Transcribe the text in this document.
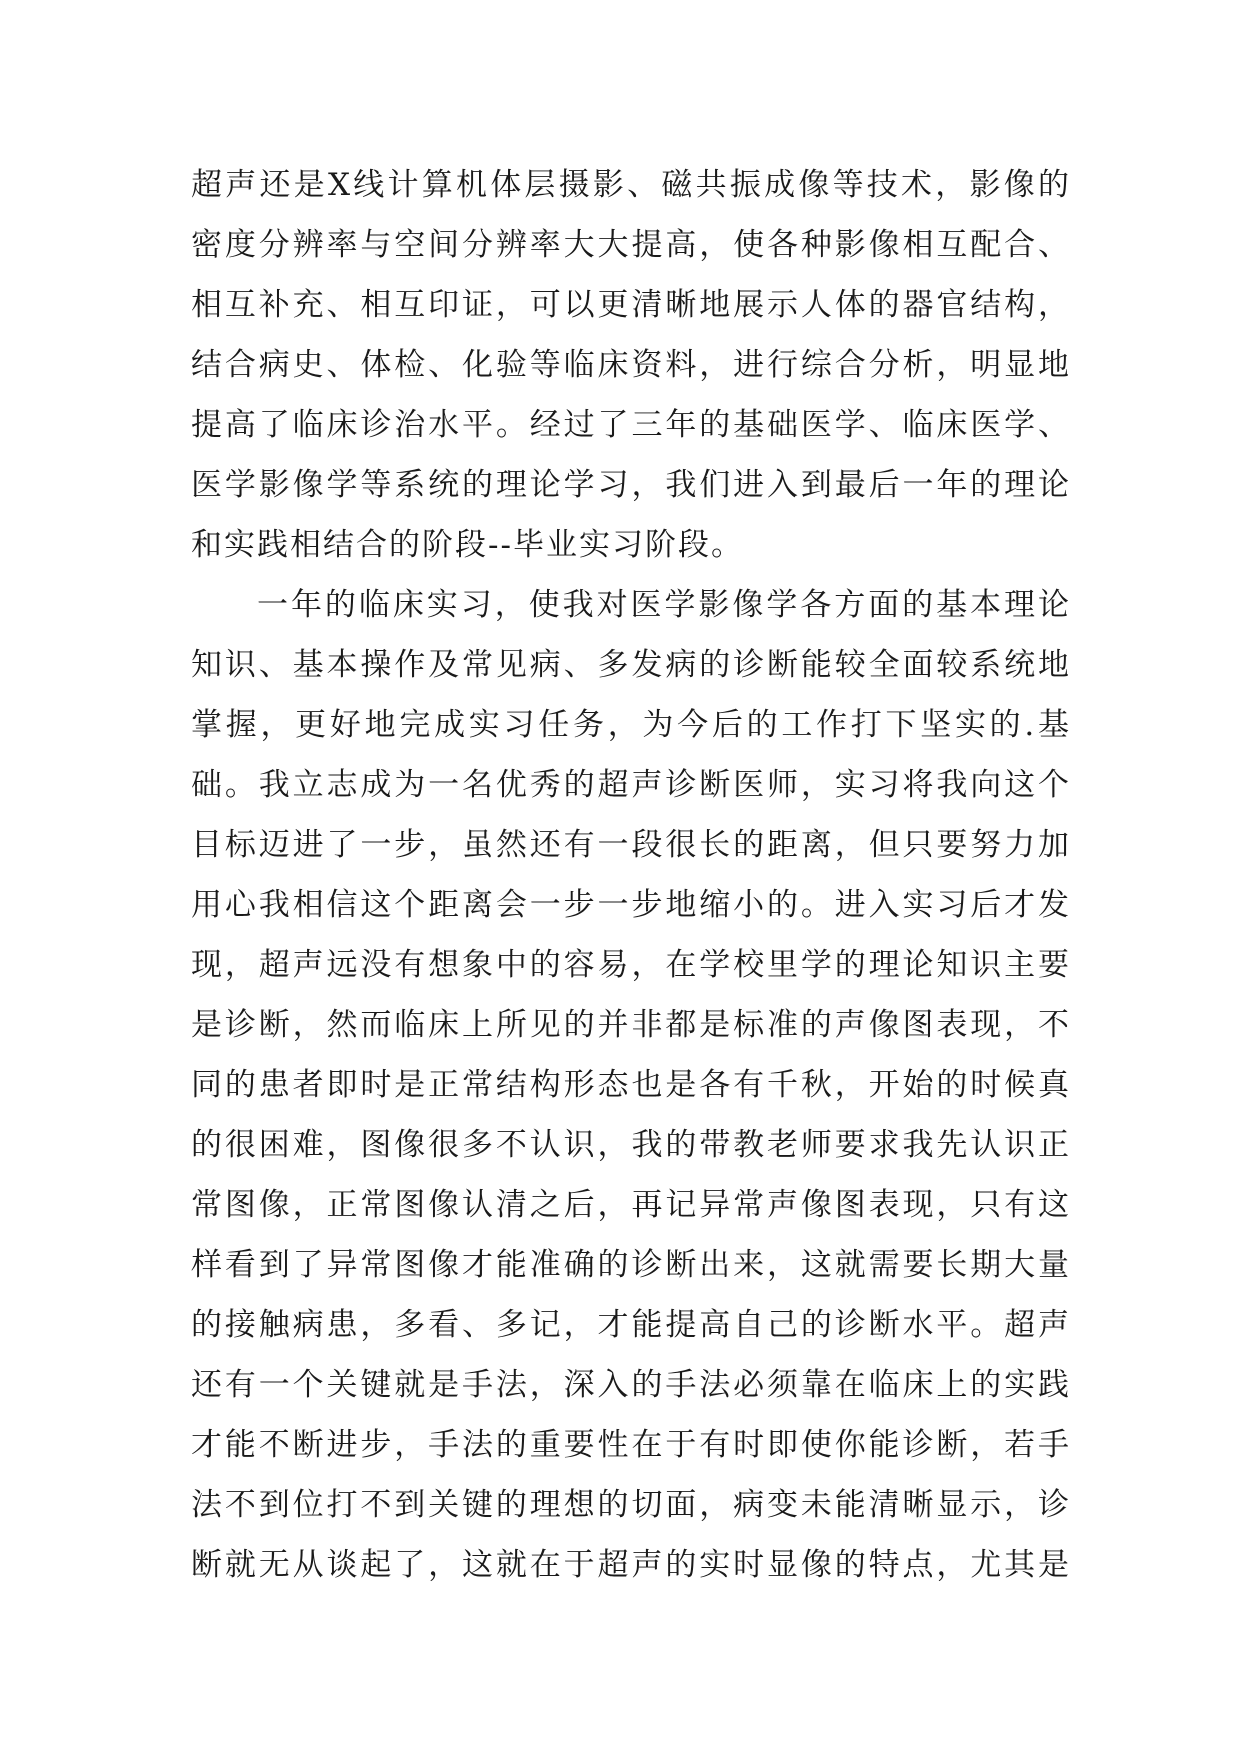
超声还是X线计算机体层摄影、磁共振成像等技术，影像的
密度分辨率与空间分辨率大大提高，使各种影像相互配合、
相互补充、相互印证，可以更清晰地展示人体的器官结构，
结合病史、体检、化验等临床资料，进行综合分析，明显地
提高了临床诊治水平。经过了三年的基础医学、临床医学、
医学影像学等系统的理论学习，我们进入到最后一年的理论
和实践相结合的阶段--毕业实习阶段。
一年的临床实习，使我对医学影像学各方面的基本理论
知识、基本操作及常见病、多发病的诊断能较全面较系统地
掌握，更好地完成实习任务，为今后的工作打下坚实的.基
础。我立志成为一名优秀的超声诊断医师，实习将我向这个
目标迈进了一步，虽然还有一段很长的距离，但只要努力加
用心我相信这个距离会一步一步地缩小的。进入实习后才发
现，超声远没有想象中的容易，在学校里学的理论知识主要
是诊断，然而临床上所见的并非都是标准的声像图表现，不
同的患者即时是正常结构形态也是各有千秋，开始的时候真
的很困难，图像很多不认识，我的带教老师要求我先认识正
常图像，正常图像认清之后，再记异常声像图表现，只有这
样看到了异常图像才能准确的诊断出来，这就需要长期大量
的接触病患，多看、多记，才能提高自己的诊断水平。超声
还有一个关键就是手法，深入的手法必须靠在临床上的实践
才能不断进步，手法的重要性在于有时即使你能诊断，若手
法不到位打不到关键的理想的切面，病变未能清晰显示，诊
断就无从谈起了，这就在于超声的实时显像的特点，尤其是
